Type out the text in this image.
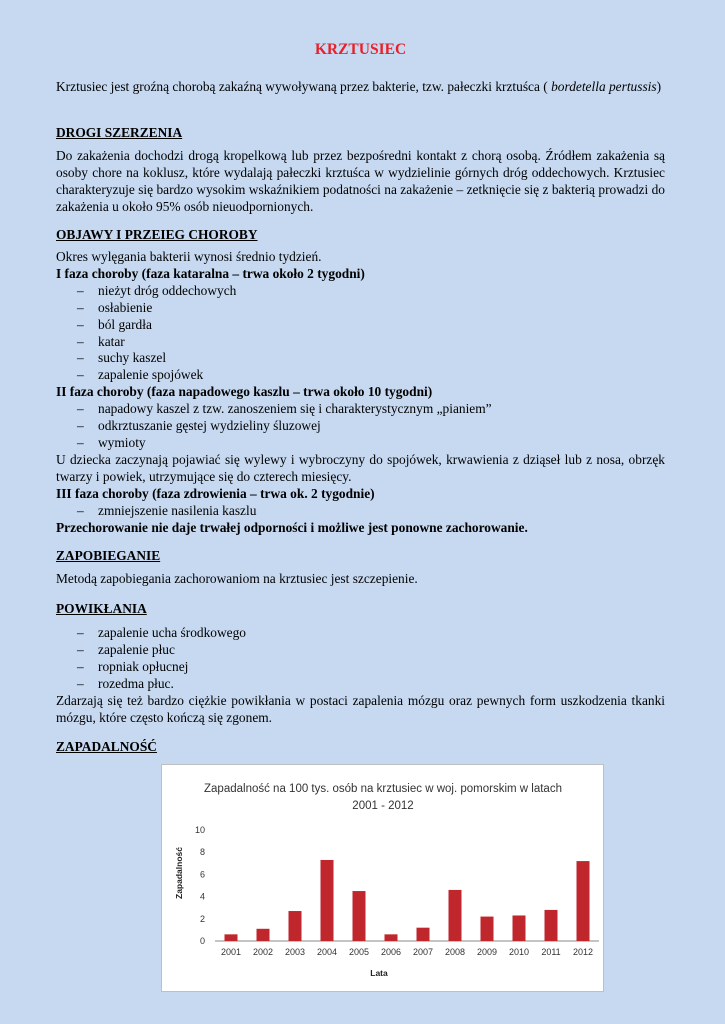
KRZTUSIEC
Krztusiec jest groźną chorobą zakaźną wywoływaną przez bakterie, tzw. pałeczki krztuśca ( bordetella pertussis)
DROGI SZERZENIA
Do zakażenia dochodzi drogą kropelkową lub przez bezpośredni kontakt z chorą osobą. Źródłem zakażenia są osoby chore na koklusz, które wydalają pałeczki krztuśca w wydzielinie górnych dróg oddechowych. Krztusiec charakteryzuje się bardzo wysokim wskaźnikiem podatności na zakażenie – zetknięcie się z bakterią prowadzi do zakażenia u około 95% osób nieuodpornionych.
OBJAWY I PRZEIEG CHOROBY
Okres wylęgania bakterii wynosi średnio tydzień.
I faza choroby (faza kataralna – trwa około 2 tygodni)
– nieżyt dróg oddechowych
– osłabienie
– ból gardła
– katar
– suchy kaszel
– zapalenie spojówek
II faza choroby (faza napadowego kaszlu – trwa około 10 tygodni)
– napadowy kaszel z tzw. zanoszeniem się i charakterystycznym „pianiem”
– odkrztuszanie gęstej wydzieliny śluzowej
– wymioty
U dziecka zaczynają pojawiać się wylewy i wybroczyny do spojówek, krwawienia z dziąseł lub z nosa, obrzęk twarzy i powiek, utrzymujące się do czterech miesięcy.
III faza choroby (faza zdrowienia – trwa ok. 2 tygodnie)
– zmniejszenie nasilenia kaszlu
Przechorowanie nie daje trwałej odporności i możliwe jest ponowne zachorowanie.
ZAPOBIEGANIE
Metodą zapobiegania zachorowaniom na krztusiec jest szczepienie.
POWIKŁANIA
– zapalenie ucha środkowego
– zapalenie płuc
– ropniak opłucnej
– rozedma płuc.
Zdarzają się też bardzo ciężkie powikłania w postaci zapalenia mózgu oraz pewnych form uszkodzenia tkanki mózgu, które często kończą się zgonem.
ZAPADALNOŚĆ
Zapadalność na 100 tys. osób na krztusiec w woj. pomorskim w latach
2001 - 2012
Zapadalność
Lata
0
2
4
6
8
10
2001 2002 2003 2004 2005 2006 2007 2008 2009 2010 2011 2012
